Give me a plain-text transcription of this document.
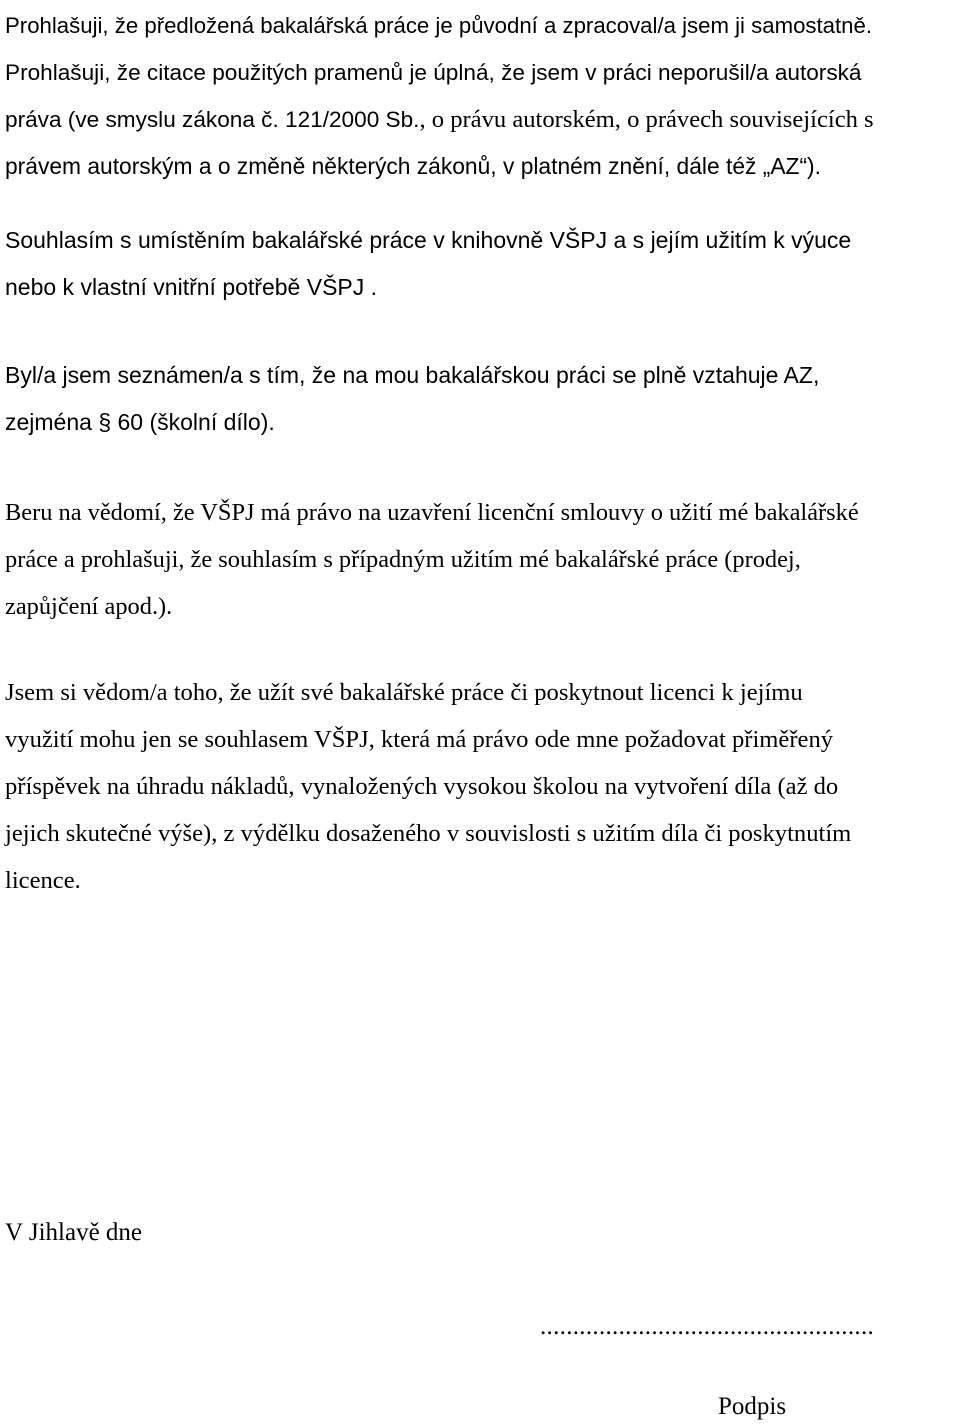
Prohlašuji, že předložená bakalářská práce je původní a zpracoval/a jsem ji samostatně.
Prohlašuji, že citace použitých pramenů je úplná, že jsem v práci neporušil/a autorská
práva (ve smyslu zákona č. 121/2000 Sb., o právu autorském, o právech souvisejících s
právem autorským a o změně některých zákonů, v platném znění, dále též „AZ“).
Souhlasím s umístěním bakalářské práce v knihovně VŠPJ a s jejím užitím k výuce
nebo k vlastní vnitřní potřebě VŠPJ .
Byl/a jsem seznámen/a s tím, že na mou bakalářskou práci se plně vztahuje AZ,
zejména § 60 (školní dílo).
Beru na vědomí, že VŠPJ má právo na uzavření licenční smlouvy o užití mé bakalářské
práce a prohlašuji, že souhlasím s případným užitím mé bakalářské práce (prodej,
zapůjčení apod.).
Jsem si vědom/a toho, že užít své bakalářské práce či poskytnout licenci k jejímu
využití mohu jen se souhlasem VŠPJ, která má právo ode mne požadovat přiměřený
příspěvek na úhradu nákladů, vynaložených vysokou školou na vytvoření díla (až do
jejich skutečné výše), z výdělku dosaženého v souvislosti s užitím díla či poskytnutím
licence.
V Jihlavě dne
...................................................
Podpis
